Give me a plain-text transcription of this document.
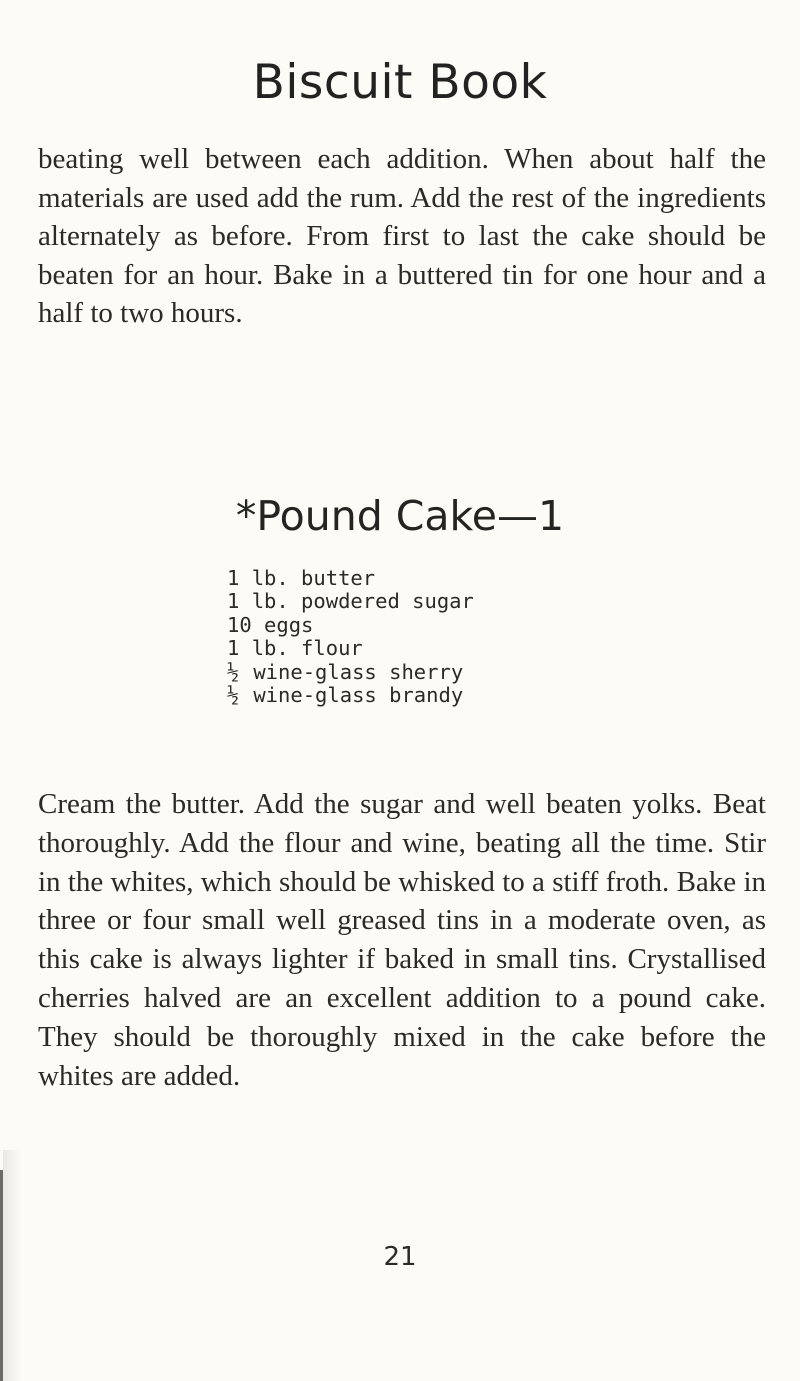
Biscuit Book

beating well between each addition. When about half the materials are used add the rum. Add the rest of the ingredients alternately as before. From first to last the cake should be beaten for an hour. Bake in a buttered tin for one hour and a half to two hours.

*Pound Cake—1
1 lb. butter
1 lb. powdered sugar
10 eggs
1 lb. flour
½ wine-glass sherry
½ wine-glass brandy

Cream the butter. Add the sugar and well beaten yolks. Beat thoroughly. Add the flour and wine, beating all the time. Stir in the whites, which should be whisked to a stiff froth. Bake in three or four small well greased tins in a moderate oven, as this cake is always lighter if baked in small tins. Crystallised cherries halved are an excellent addition to a pound cake. They should be thoroughly mixed in the cake before the whites are added.

21
